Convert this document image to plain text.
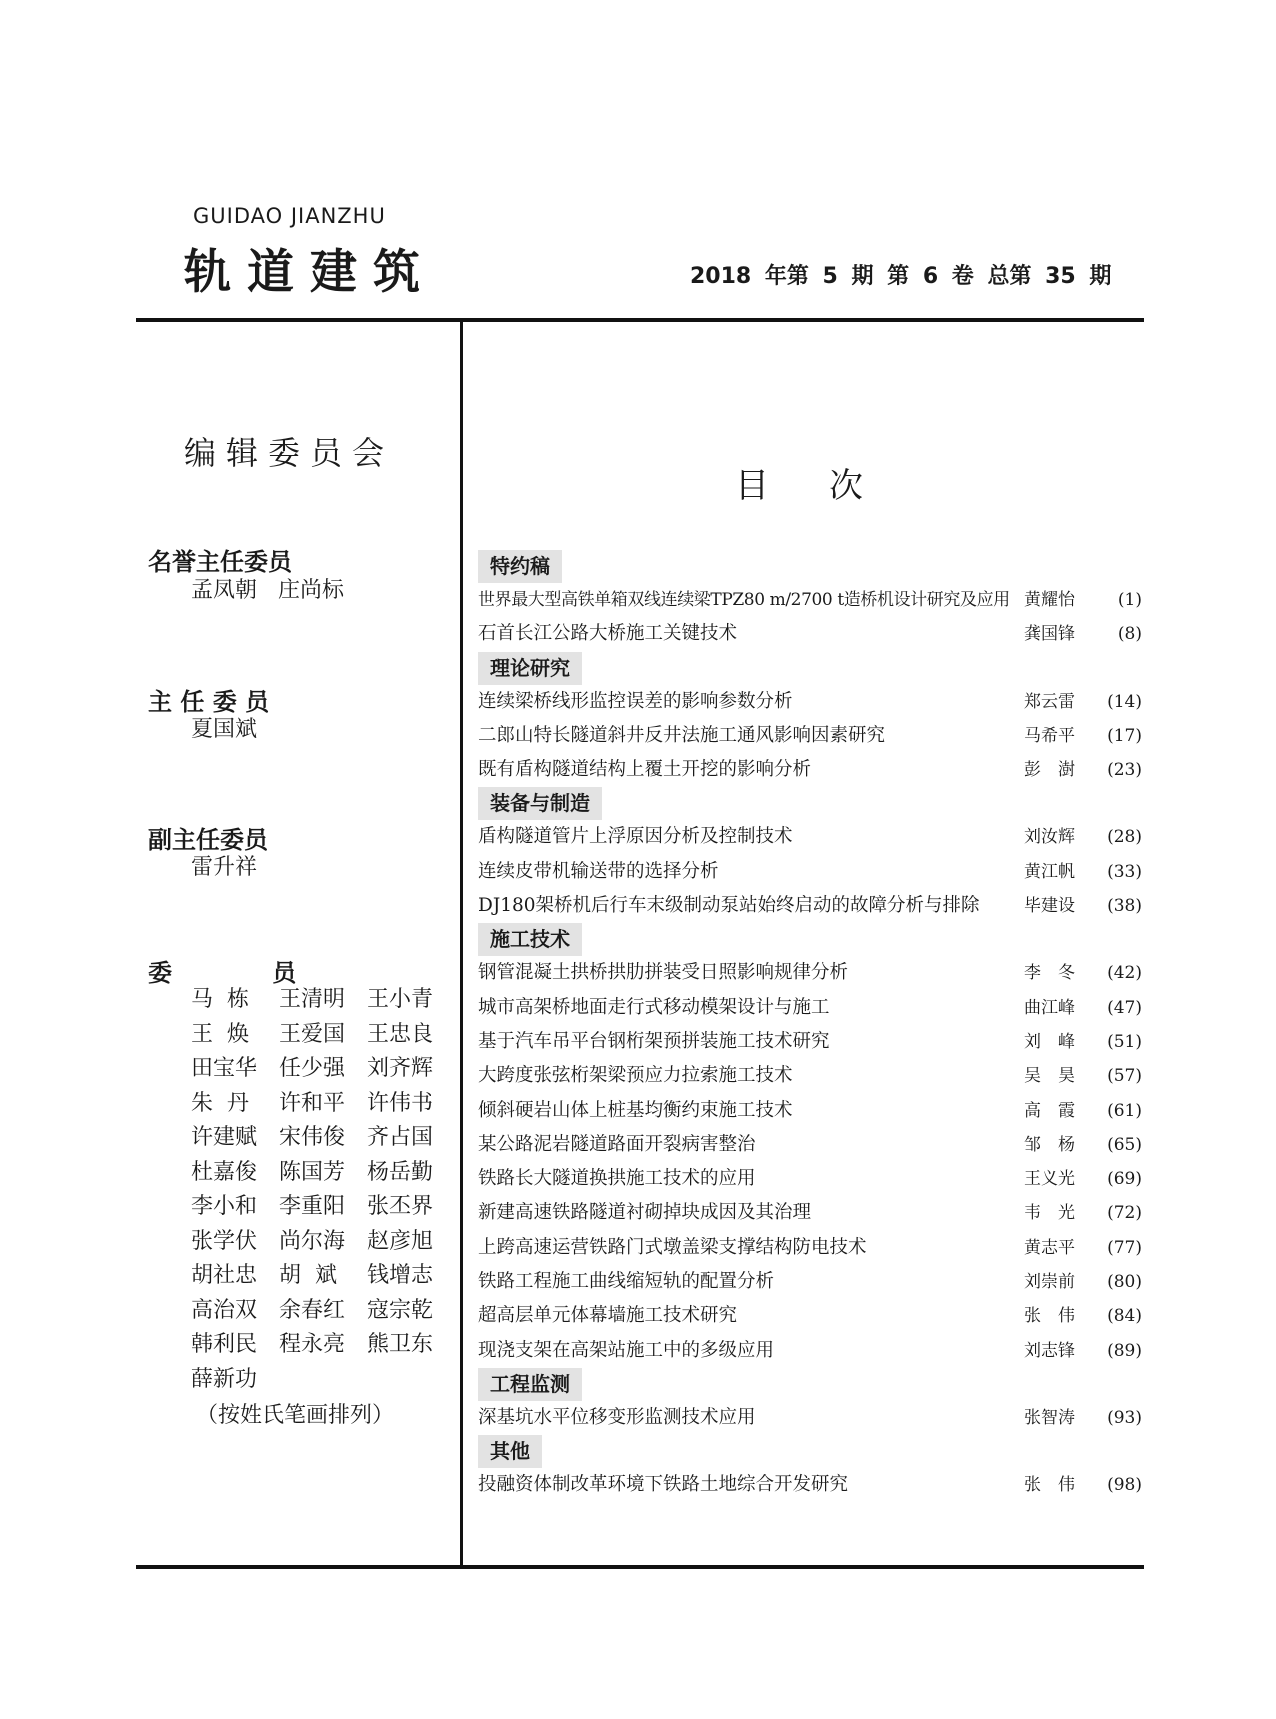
GUIDAO JIANZHU
轨道建筑	2018 年第 5 期 第 6 卷 总第 35 期
编辑委员会
名誉主任委员
孟凤朝   庄尚标
主 任 委 员
夏国斌
副主任委员
雷升祥
委            员
马  栋 王清明 王小青
王  焕 王爱国 王忠良
田宝华 任少强 刘齐辉
朱  丹 许和平 许伟书
许建赋 宋伟俊 齐占国
杜嘉俊 陈国芳 杨岳勤
李小和 李重阳 张丕界
张学伏 尚尔海 赵彦旭
胡社忠 胡  斌 钱增志
高治双 余春红 寇宗乾
韩利民 程永亮 熊卫东
薛新功
（按姓氏笔画排列）
目次
特约稿
世界最大型高铁单箱双线连续梁TPZ80 m/2700 t造桥机设计研究及应用 黄耀怡	(1)
石首长江公路大桥施工关键技术	龚国锋	(8)
理论研究
连续梁桥线形监控误差的影响参数分析	郑云雷 (14)
二郎山特长隧道斜井反井法施工通风影响因素研究	马希平 (17)
既有盾构隧道结构上覆土开挖的影响分析	彭　澍 (23)
装备与制造
盾构隧道管片上浮原因分析及控制技术	刘汝辉 (28)
连续皮带机输送带的选择分析	黄江帆 (33)
DJ180架桥机后行车末级制动泵站始终启动的故障分析与排除	毕建设 (38)
施工技术
钢管混凝土拱桥拱肋拼装受日照影响规律分析	李　冬 (42)
城市高架桥地面走行式移动模架设计与施工	曲江峰 (47)
基于汽车吊平台钢桁架预拼装施工技术研究	刘　峰 (51)
大跨度张弦桁架梁预应力拉索施工技术	吴　昊 (57)
倾斜硬岩山体上桩基均衡约束施工技术	高　霞 (61)
某公路泥岩隧道路面开裂病害整治	邹　杨 (65)
铁路长大隧道换拱施工技术的应用	王义光 (69)
新建高速铁路隧道衬砌掉块成因及其治理	韦　光 (72)
上跨高速运营铁路门式墩盖梁支撑结构防电技术	黄志平 (77)
铁路工程施工曲线缩短轨的配置分析	刘崇前 (80)
超高层单元体幕墙施工技术研究	张　伟 (84)
现浇支架在高架站施工中的多级应用	刘志锋 (89)
工程监测
深基坑水平位移变形监测技术应用	张智涛 (93)
其他
投融资体制改革环境下铁路土地综合开发研究	张　伟 (98)
